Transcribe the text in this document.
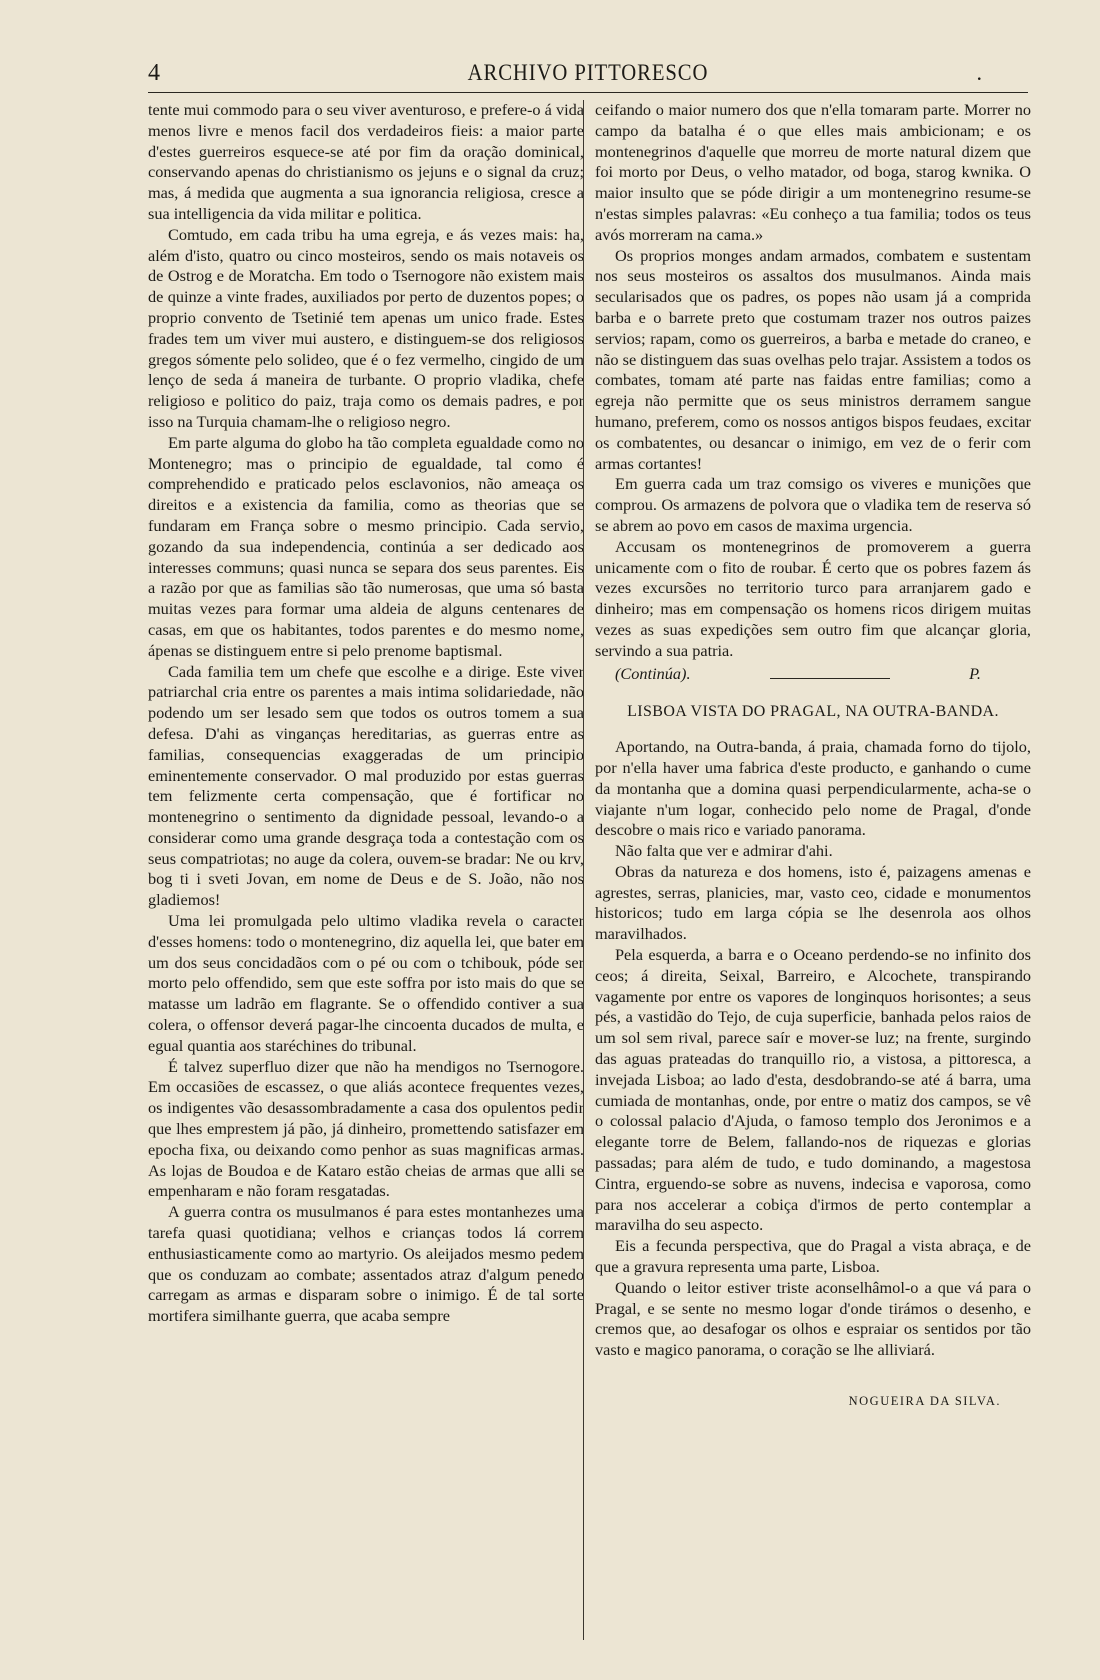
4	ARCHIVO PITTORESCO	.

tente mui commodo para o seu viver aventuroso, e prefere-o á vida menos livre e menos facil dos verdadeiros fieis: a maior parte d'estes guerreiros esquece-se até por fim da oração dominical, conservando apenas do christianismo os jejuns e o signal da cruz; mas, á medida que augmenta a sua ignorancia religiosa, cresce a sua intelligencia da vida militar e politica.

Comtudo, em cada tribu ha uma egreja, e ás vezes mais: ha, além d'isto, quatro ou cinco mosteiros, sendo os mais notaveis os de Ostrog e de Moratcha. Em todo o Tsernogore não existem mais de quinze a vinte frades, auxiliados por perto de duzentos popes; o proprio convento de Tsetinié tem apenas um unico frade. Estes frades tem um viver mui austero, e distinguem-se dos religiosos gregos sómente pelo solideo, que é o fez vermelho, cingido de um lenço de seda á maneira de turbante. O proprio vladika, chefe religioso e politico do paiz, traja como os demais padres, e por isso na Turquia chamam-lhe o religioso negro.

Em parte alguma do globo ha tão completa egualdade como no Montenegro; mas o principio de egualdade, tal como é comprehendido e praticado pelos esclavonios, não ameaça os direitos e a existencia da familia, como as theorias que se fundaram em França sobre o mesmo principio. Cada servio, gozando da sua independencia, continúa a ser dedicado aos interesses communs; quasi nunca se separa dos seus parentes. Eis a razão por que as familias são tão numerosas, que uma só basta muitas vezes para formar uma aldeia de alguns centenares de casas, em que os habitantes, todos parentes e do mesmo nome, ápenas se distinguem entre si pelo prenome baptismal.

Cada familia tem um chefe que escolhe e a dirige. Este viver patriarchal cria entre os parentes a mais intima solidariedade, não podendo um ser lesado sem que todos os outros tomem a sua defesa. D'ahi as vinganças hereditarias, as guerras entre as familias, consequencias exaggeradas de um principio eminentemente conservador. O mal produzido por estas guerras tem felizmente certa compensação, que é fortificar no montenegrino o sentimento da dignidade pessoal, levando-o a considerar como uma grande desgraça toda a contestação com os seus compatriotas; no auge da colera, ouvem-se bradar: Ne ou krv, bog ti i sveti Jovan, em nome de Deus e de S. João, não nos gladiemos!

Uma lei promulgada pelo ultimo vladika revela o caracter d'esses homens: todo o montenegrino, diz aquella lei, que bater em um dos seus concidadãos com o pé ou com o tchibouk, póde ser morto pelo offendido, sem que este soffra por isto mais do que se matasse um ladrão em flagrante. Se o offendido contiver a sua colera, o offensor deverá pagar-lhe cincoenta ducados de multa, e egual quantia aos staréchines do tribunal.

É talvez superfluo dizer que não ha mendigos no Tsernogore. Em occasiões de escassez, o que aliás acontece frequentes vezes, os indigentes vão desassombradamente a casa dos opulentos pedir que lhes emprestem já pão, já dinheiro, promettendo satisfazer em epocha fixa, ou deixando como penhor as suas magnificas armas. As lojas de Boudoa e de Kataro estão cheias de armas que alli se empenharam e não foram resgatadas.

A guerra contra os musulmanos é para estes montanhezes uma tarefa quasi quotidiana; velhos e crianças todos lá correm enthusiasticamente como ao martyrio. Os aleijados mesmo pedem que os conduzam ao combate; assentados atraz d'algum penedo carregam as armas e disparam sobre o inimigo. É de tal sorte mortifera similhante guerra, que acaba sempre

ceifando o maior numero dos que n'ella tomaram parte. Morrer no campo da batalha é o que elles mais ambicionam; e os montenegrinos d'aquelle que morreu de morte natural dizem que foi morto por Deus, o velho matador, od boga, starog kwnika. O maior insulto que se póde dirigir a um montenegrino resume-se n'estas simples palavras: «Eu conheço a tua familia; todos os teus avós morreram na cama.»

Os proprios monges andam armados, combatem e sustentam nos seus mosteiros os assaltos dos musulmanos. Ainda mais secularisados que os padres, os popes não usam já a comprida barba e o barrete preto que costumam trazer nos outros paizes servios; rapam, como os guerreiros, a barba e metade do craneo, e não se distinguem das suas ovelhas pelo trajar. Assistem a todos os combates, tomam até parte nas faidas entre familias; como a egreja não permitte que os seus ministros derramem sangue humano, preferem, como os nossos antigos bispos feudaes, excitar os combatentes, ou desancar o inimigo, em vez de o ferir com armas cortantes!

Em guerra cada um traz comsigo os viveres e munições que comprou. Os armazens de polvora que o vladika tem de reserva só se abrem ao povo em casos de maxima urgencia.

Accusam os montenegrinos de promoverem a guerra unicamente com o fito de roubar. É certo que os pobres fazem ás vezes excursões no territorio turco para arranjarem gado e dinheiro; mas em compensação os homens ricos dirigem muitas vezes as suas expedições sem outro fim que alcançar gloria, servindo a sua patria.

(Continúa).	P.
LISBOA VISTA DO PRAGAL, NA OUTRA-BANDA.

Aportando, na Outra-banda, á praia, chamada forno do tijolo, por n'ella haver uma fabrica d'este producto, e ganhando o cume da montanha que a domina quasi perpendicularmente, acha-se o viajante n'um logar, conhecido pelo nome de Pragal, d'onde descobre o mais rico e variado panorama.

Não falta que ver e admirar d'ahi.

Obras da natureza e dos homens, isto é, paizagens amenas e agrestes, serras, planicies, mar, vasto ceo, cidade e monumentos historicos; tudo em larga cópia se lhe desenrola aos olhos maravilhados.

Pela esquerda, a barra e o Oceano perdendo-se no infinito dos ceos; á direita, Seixal, Barreiro, e Alcochete, transpirando vagamente por entre os vapores de longinquos horisontes; a seus pés, a vastidão do Tejo, de cuja superficie, banhada pelos raios de um sol sem rival, parece saír e mover-se luz; na frente, surgindo das aguas prateadas do tranquillo rio, a vistosa, a pittoresca, a invejada Lisboa; ao lado d'esta, desdobrando-se até á barra, uma cumiada de montanhas, onde, por entre o matiz dos campos, se vê o colossal palacio d'Ajuda, o famoso templo dos Jeronimos e a elegante torre de Belem, fallando-nos de riquezas e glorias passadas; para além de tudo, e tudo dominando, a magestosa Cintra, erguendo-se sobre as nuvens, indecisa e vaporosa, como para nos accelerar a cobiça d'irmos de perto contemplar a maravilha do seu aspecto.

Eis a fecunda perspectiva, que do Pragal a vista abraça, e de que a gravura representa uma parte, Lisboa.

Quando o leitor estiver triste aconselhâmol-o a que vá para o Pragal, e se sente no mesmo logar d'onde tirámos o desenho, e cremos que, ao desafogar os olhos e espraiar os sentidos por tão vasto e magico panorama, o coração se lhe alliviará.

NOGUEIRA DA SILVA.
